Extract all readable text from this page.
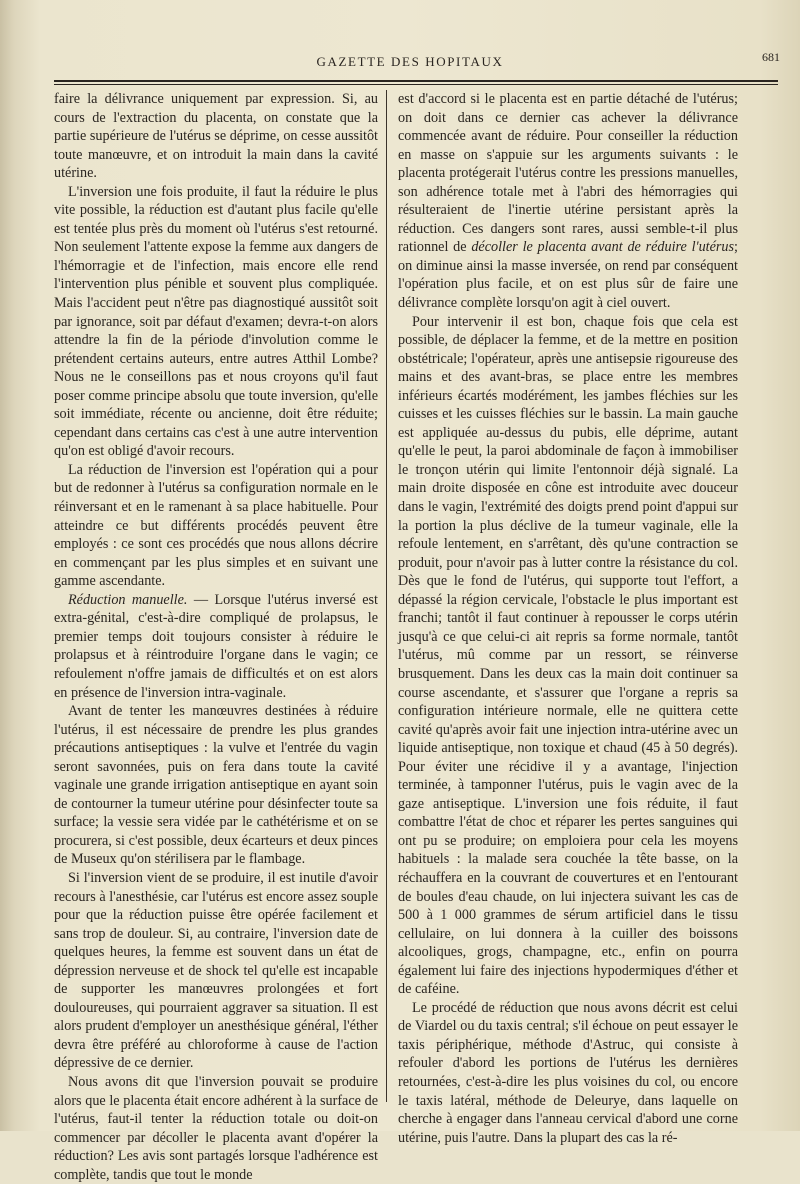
GAZETTE DES HOPITAUX	681

faire la délivrance uniquement par expression. Si, au cours de l'extraction du placenta, on constate que la partie supérieure de l'utérus se déprime, on cesse aussitôt toute manœuvre, et on introduit la main dans la cavité utérine.

L'inversion une fois produite, il faut la réduire le plus vite possible, la réduction est d'autant plus facile qu'elle est tentée plus près du moment où l'utérus s'est retourné. Non seulement l'attente expose la femme aux dangers de l'hémorragie et de l'infection, mais encore elle rend l'intervention plus pénible et souvent plus compliquée. Mais l'accident peut n'être pas diagnostiqué aussitôt soit par ignorance, soit par défaut d'examen; devra-t-on alors attendre la fin de la période d'involution comme le prétendent certains auteurs, entre autres Atthil Lombe? Nous ne le conseillons pas et nous croyons qu'il faut poser comme principe absolu que toute inversion, qu'elle soit immédiate, récente ou ancienne, doit être réduite; cependant dans certains cas c'est à une autre intervention qu'on est obligé d'avoir recours.

La réduction de l'inversion est l'opération qui a pour but de redonner à l'utérus sa configuration normale en le réinversant et en le ramenant à sa place habituelle. Pour atteindre ce but différents procédés peuvent être employés : ce sont ces procédés que nous allons décrire en commençant par les plus simples et en suivant une gamme ascendante.

Réduction manuelle. — Lorsque l'utérus inversé est extra-génital, c'est-à-dire compliqué de prolapsus, le premier temps doit toujours consister à réduire le prolapsus et à réintroduire l'organe dans le vagin; ce refoulement n'offre jamais de difficultés et on est alors en présence de l'inversion intra-vaginale.

Avant de tenter les manœuvres destinées à réduire l'utérus, il est nécessaire de prendre les plus grandes précautions antiseptiques : la vulve et l'entrée du vagin seront savonnées, puis on fera dans toute la cavité vaginale une grande irrigation antiseptique en ayant soin de contourner la tumeur utérine pour désinfecter toute sa surface; la vessie sera vidée par le cathétérisme et on se procurera, si c'est possible, deux écarteurs et deux pinces de Museux qu'on stérilisera par le flambage.

Si l'inversion vient de se produire, il est inutile d'avoir recours à l'anesthésie, car l'utérus est encore assez souple pour que la réduction puisse être opérée facilement et sans trop de douleur. Si, au contraire, l'inversion date de quelques heures, la femme est souvent dans un état de dépression nerveuse et de shock tel qu'elle est incapable de supporter les manœuvres prolongées et fort douloureuses, qui pourraient aggraver sa situation. Il est alors prudent d'employer un anesthésique général, l'éther devra être préféré au chloroforme à cause de l'action dépressive de ce dernier.

Nous avons dit que l'inversion pouvait se produire alors que le placenta était encore adhérent à la surface de l'utérus, faut-il tenter la réduction totale ou doit-on commencer par décoller le placenta avant d'opérer la réduction? Les avis sont partagés lorsque l'adhérence est complète, tandis que tout le monde

est d'accord si le placenta est en partie détaché de l'utérus; on doit dans ce dernier cas achever la délivrance commencée avant de réduire. Pour conseiller la réduction en masse on s'appuie sur les arguments suivants : le placenta protégerait l'utérus contre les pressions manuelles, son adhérence totale met à l'abri des hémorragies qui résulteraient de l'inertie utérine persistant après la réduction. Ces dangers sont rares, aussi semble-t-il plus rationnel de décoller le placenta avant de réduire l'utérus; on diminue ainsi la masse inversée, on rend par conséquent l'opération plus facile, et on est plus sûr de faire une délivrance complète lorsqu'on agit à ciel ouvert.

Pour intervenir il est bon, chaque fois que cela est possible, de déplacer la femme, et de la mettre en position obstétricale; l'opérateur, après une antisepsie rigoureuse des mains et des avant-bras, se place entre les membres inférieurs écartés modérément, les jambes fléchies sur les cuisses et les cuisses fléchies sur le bassin. La main gauche est appliquée au-dessus du pubis, elle déprime, autant qu'elle le peut, la paroi abdominale de façon à immobiliser le tronçon utérin qui limite l'entonnoir déjà signalé. La main droite disposée en cône est introduite avec douceur dans le vagin, l'extrémité des doigts prend point d'appui sur la portion la plus déclive de la tumeur vaginale, elle la refoule lentement, en s'arrêtant, dès qu'une contraction se produit, pour n'avoir pas à lutter contre la résistance du col. Dès que le fond de l'utérus, qui supporte tout l'effort, a dépassé la région cervicale, l'obstacle le plus important est franchi; tantôt il faut continuer à repousser le corps utérin jusqu'à ce que celui-ci ait repris sa forme normale, tantôt l'utérus, mû comme par un ressort, se réinverse brusquement. Dans les deux cas la main doit continuer sa course ascendante, et s'assurer que l'organe a repris sa configuration intérieure normale, elle ne quittera cette cavité qu'après avoir fait une injection intra-utérine avec un liquide antiseptique, non toxique et chaud (45 à 50 degrés). Pour éviter une récidive il y a avantage, l'injection terminée, à tamponner l'utérus, puis le vagin avec de la gaze antiseptique. L'inversion une fois réduite, il faut combattre l'état de choc et réparer les pertes sanguines qui ont pu se produire; on emploiera pour cela les moyens habituels : la malade sera couchée la tête basse, on la réchauffera en la couvrant de couvertures et en l'entourant de boules d'eau chaude, on lui injectera suivant les cas de 500 à 1 000 grammes de sérum artificiel dans le tissu cellulaire, on lui donnera à la cuiller des boissons alcooliques, grogs, champagne, etc., enfin on pourra également lui faire des injections hypodermiques d'éther et de caféine.

Le procédé de réduction que nous avons décrit est celui de Viardel ou du taxis central; s'il échoue on peut essayer le taxis périphérique, méthode d'Astruc, qui consiste à refouler d'abord les portions de l'utérus les dernières retournées, c'est-à-dire les plus voisines du col, ou encore le taxis latéral, méthode de Deleurye, dans laquelle on cherche à engager dans l'anneau cervical d'abord une corne utérine, puis l'autre. Dans la plupart des cas la ré-
